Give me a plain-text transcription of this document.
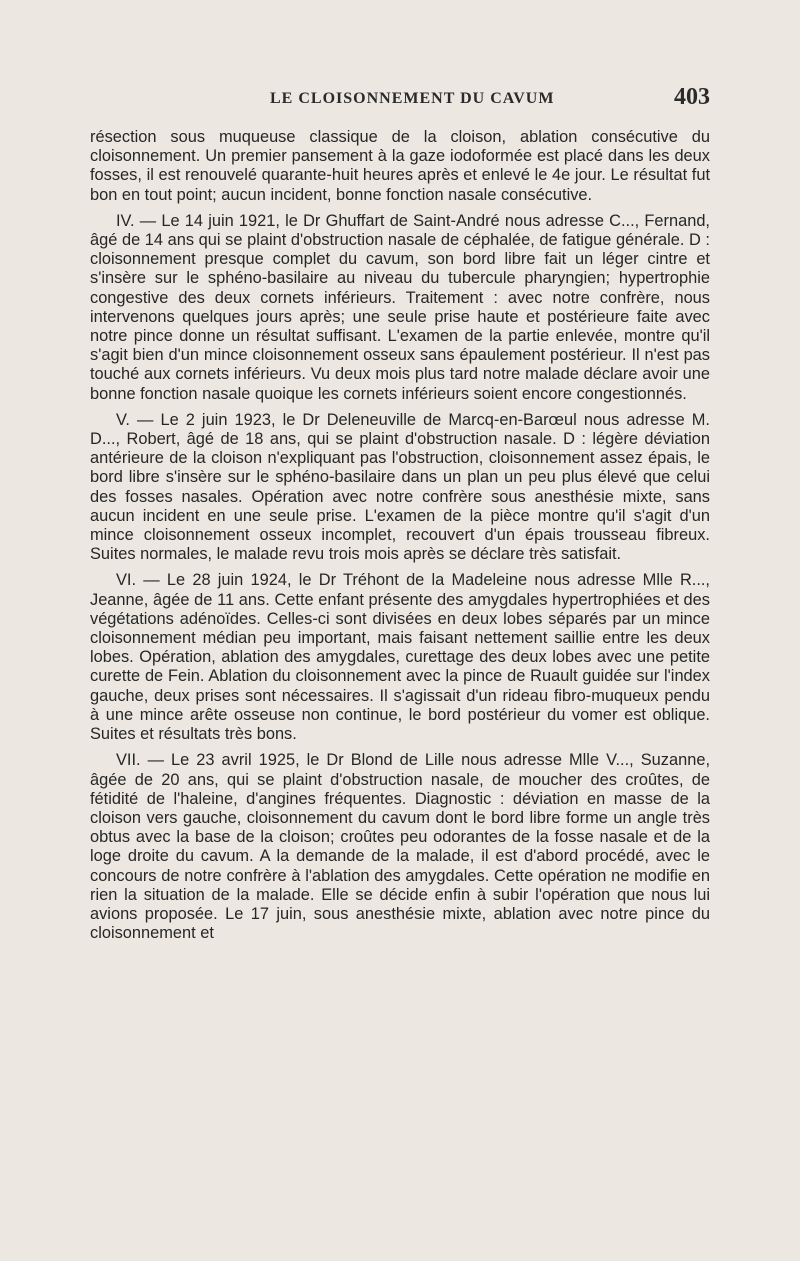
LE CLOISONNEMENT DU CAVUM	403

résection sous muqueuse classique de la cloison, ablation consécutive du cloisonnement. Un premier pansement à la gaze iodoformée est placé dans les deux fosses, il est renouvelé quarante-huit heures après et enlevé le 4e jour. Le résultat fut bon en tout point; aucun incident, bonne fonction nasale consécutive.

IV. — Le 14 juin 1921, le Dr Ghuffart de Saint-André nous adresse C..., Fernand, âgé de 14 ans qui se plaint d'obstruction nasale de céphalée, de fatigue générale. D : cloisonnement presque complet du cavum, son bord libre fait un léger cintre et s'insère sur le sphéno-basilaire au niveau du tubercule pharyngien; hypertrophie congestive des deux cornets inférieurs. Traitement : avec notre confrère, nous intervenons quelques jours après; une seule prise haute et postérieure faite avec notre pince donne un résultat suffisant. L'examen de la partie enlevée, montre qu'il s'agit bien d'un mince cloisonnement osseux sans épaulement postérieur. Il n'est pas touché aux cornets inférieurs. Vu deux mois plus tard notre malade déclare avoir une bonne fonction nasale quoique les cornets inférieurs soient encore congestionnés.

V. — Le 2 juin 1923, le Dr Deleneuville de Marcq-en-Barœul nous adresse M. D..., Robert, âgé de 18 ans, qui se plaint d'obstruction nasale. D : légère déviation antérieure de la cloison n'expliquant pas l'obstruction, cloisonnement assez épais, le bord libre s'insère sur le sphéno-basilaire dans un plan un peu plus élevé que celui des fosses nasales. Opération avec notre confrère sous anesthésie mixte, sans aucun incident en une seule prise. L'examen de la pièce montre qu'il s'agit d'un mince cloisonnement osseux incomplet, recouvert d'un épais trousseau fibreux. Suites normales, le malade revu trois mois après se déclare très satisfait.

VI. — Le 28 juin 1924, le Dr Tréhont de la Madeleine nous adresse Mlle R..., Jeanne, âgée de 11 ans. Cette enfant présente des amygdales hypertrophiées et des végétations adénoïdes. Celles-ci sont divisées en deux lobes séparés par un mince cloisonnement médian peu important, mais faisant nettement saillie entre les deux lobes. Opération, ablation des amygdales, curettage des deux lobes avec une petite curette de Fein. Ablation du cloisonnement avec la pince de Ruault guidée sur l'index gauche, deux prises sont nécessaires. Il s'agissait d'un rideau fibro-muqueux pendu à une mince arête osseuse non continue, le bord postérieur du vomer est oblique. Suites et résultats très bons.

VII. — Le 23 avril 1925, le Dr Blond de Lille nous adresse Mlle V..., Suzanne, âgée de 20 ans, qui se plaint d'obstruction nasale, de moucher des croûtes, de fétidité de l'haleine, d'angines fréquentes. Diagnostic : déviation en masse de la cloison vers gauche, cloisonnement du cavum dont le bord libre forme un angle très obtus avec la base de la cloison; croûtes peu odorantes de la fosse nasale et de la loge droite du cavum. A la demande de la malade, il est d'abord procédé, avec le concours de notre confrère à l'ablation des amygdales. Cette opération ne modifie en rien la situation de la malade. Elle se décide enfin à subir l'opération que nous lui avions proposée. Le 17 juin, sous anesthésie mixte, ablation avec notre pince du cloisonnement et
